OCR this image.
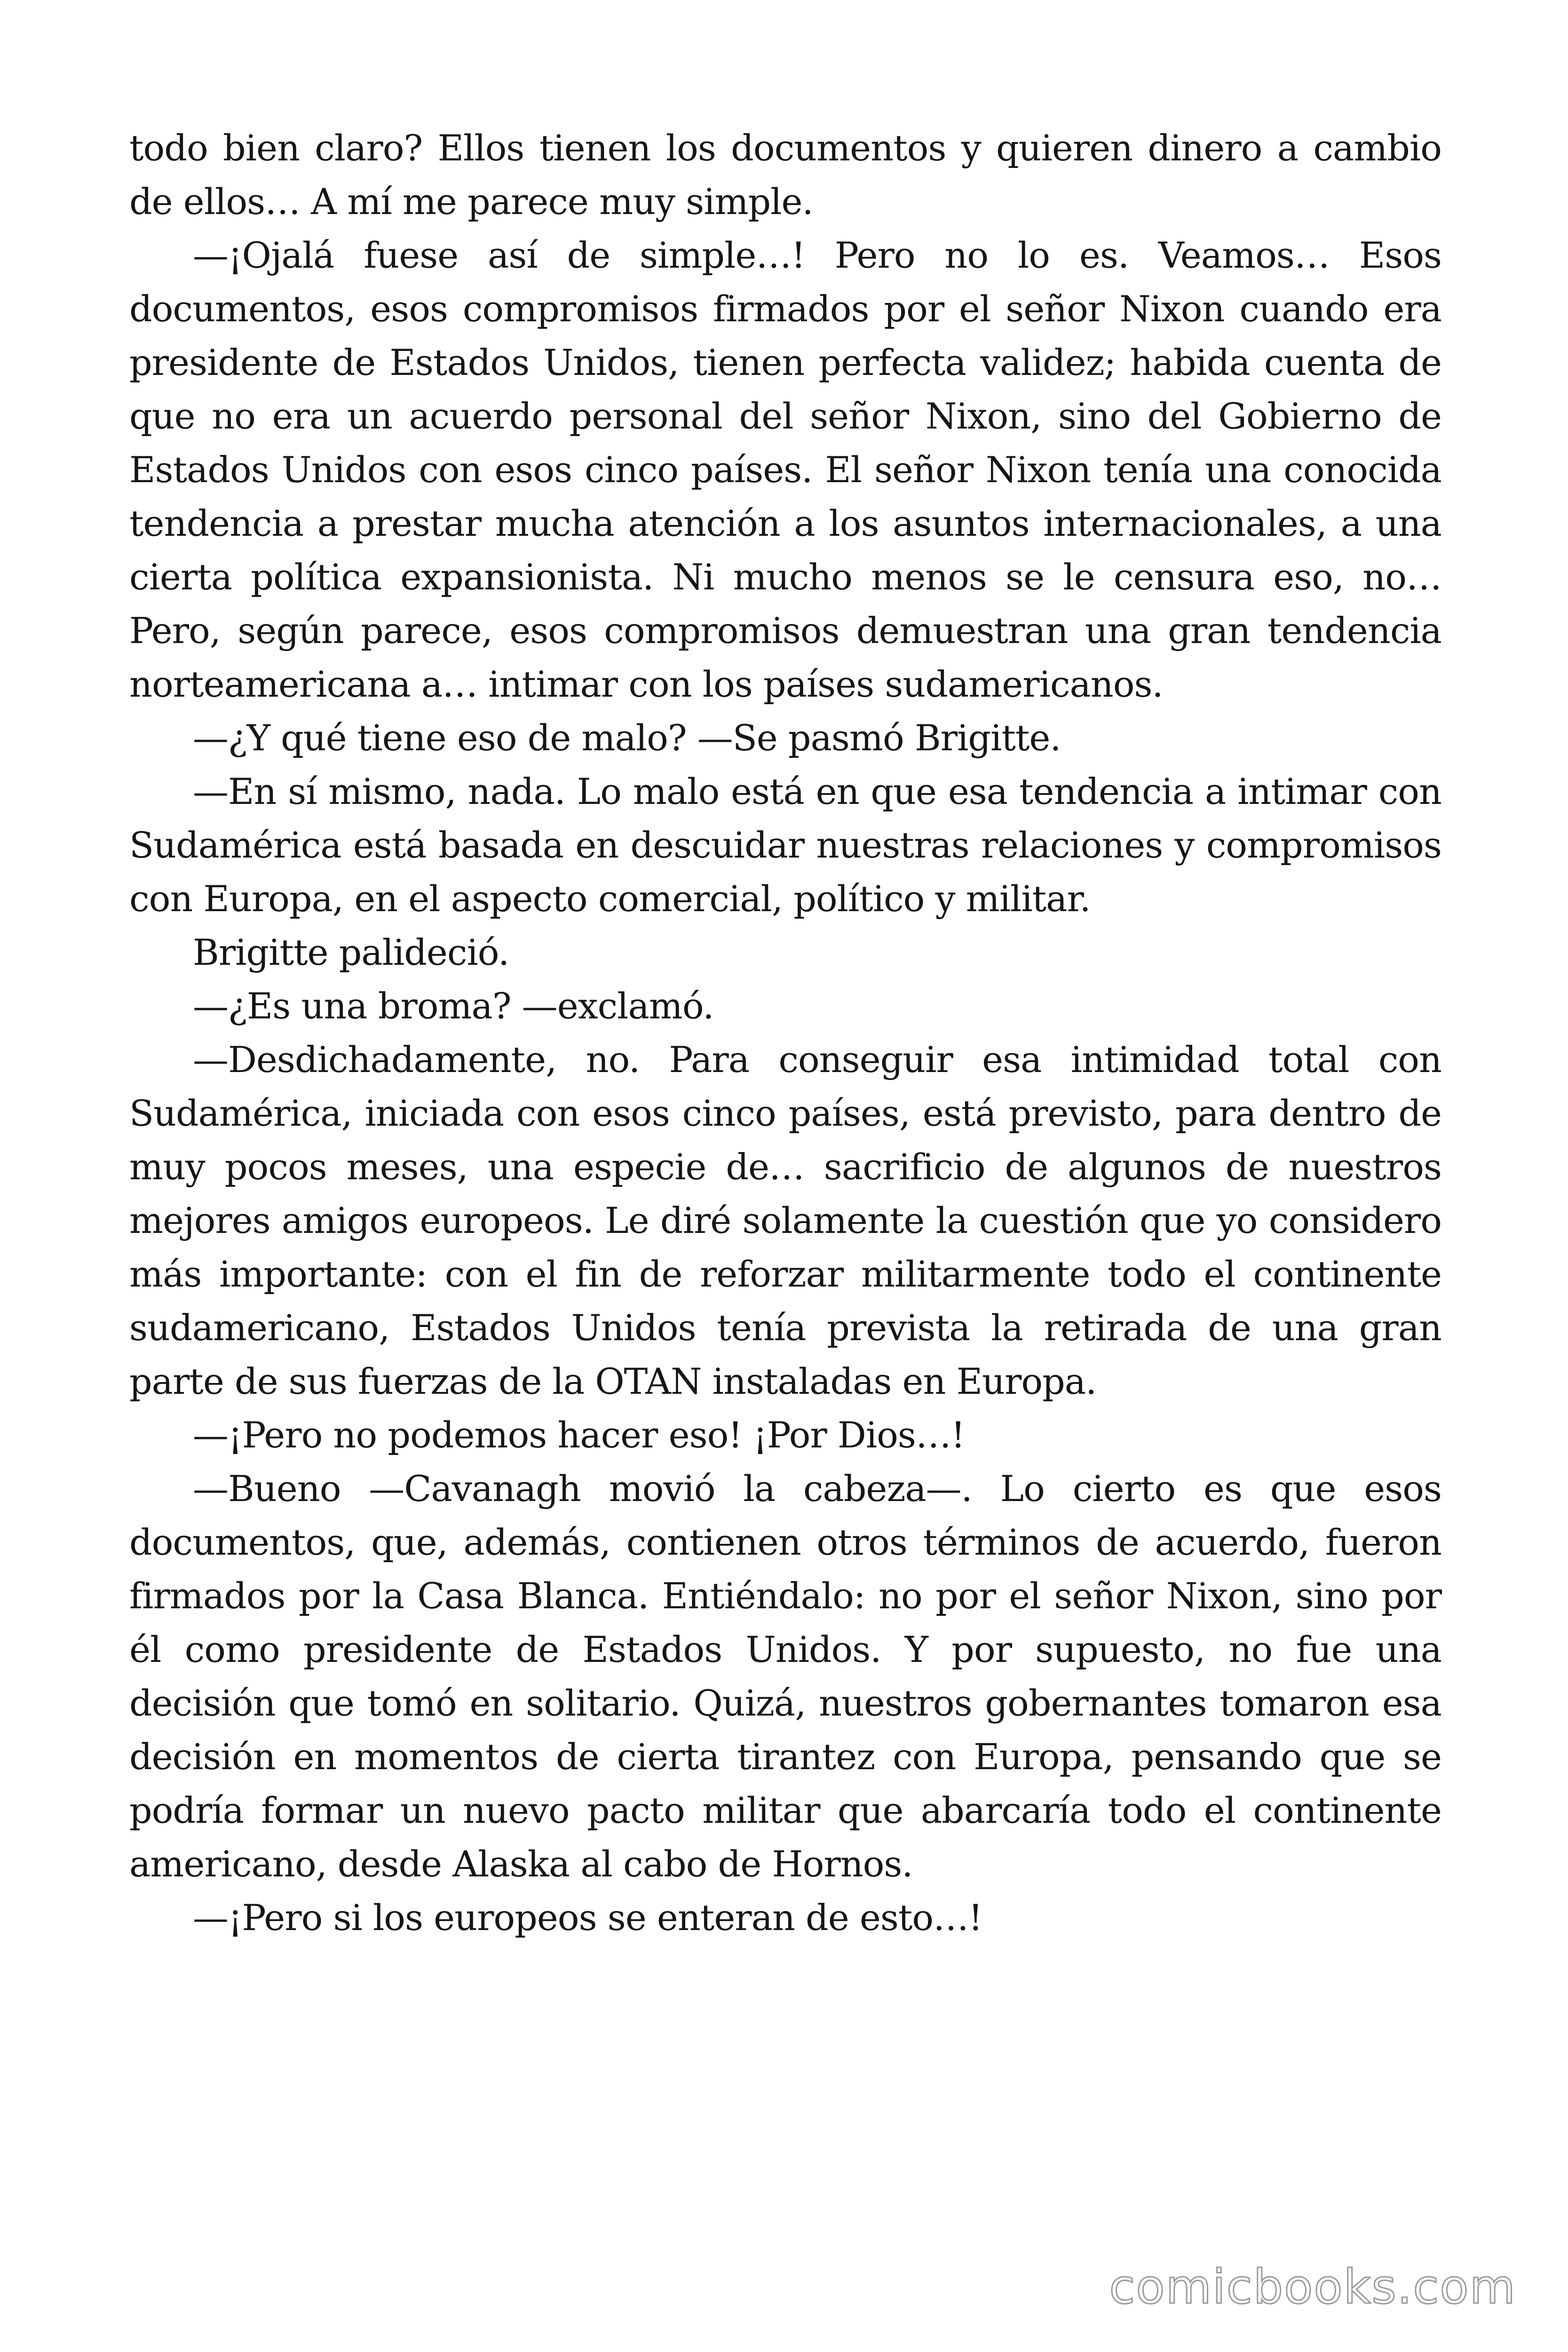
todo bien claro? Ellos tienen los documentos y quieren dinero a cambio de ellos… A mí me parece muy simple.

—¡Ojalá fuese así de simple…! Pero no lo es. Veamos… Esos documentos, esos compromisos firmados por el señor Nixon cuando era presidente de Estados Unidos, tienen perfecta validez; habida cuenta de que no era un acuerdo personal del señor Nixon, sino del Gobierno de Estados Unidos con esos cinco países. El señor Nixon tenía una conocida tendencia a prestar mucha atención a los asuntos internacionales, a una cierta política expansionista. Ni mucho menos se le censura eso, no… Pero, según parece, esos compromisos demuestran una gran tendencia norteamericana a… intimar con los países sudamericanos.

—¿Y qué tiene eso de malo? —Se pasmó Brigitte.

—En sí mismo, nada. Lo malo está en que esa tendencia a intimar con Sudamérica está basada en descuidar nuestras relaciones y compromisos con Europa, en el aspecto comercial, político y militar.

Brigitte palideció.

—¿Es una broma? —exclamó.

—Desdichadamente, no. Para conseguir esa intimidad total con Sudamérica, iniciada con esos cinco países, está previsto, para dentro de muy pocos meses, una especie de… sacrificio de algunos de nuestros mejores amigos europeos. Le diré solamente la cuestión que yo considero más importante: con el fin de reforzar militarmente todo el continente sudamericano, Estados Unidos tenía prevista la retirada de una gran parte de sus fuerzas de la OTAN instaladas en Europa.

—¡Pero no podemos hacer eso! ¡Por Dios…!

—Bueno —Cavanagh movió la cabeza—. Lo cierto es que esos documentos, que, además, contienen otros términos de acuerdo, fueron firmados por la Casa Blanca. Entiéndalo: no por el señor Nixon, sino por él como presidente de Estados Unidos. Y por supuesto, no fue una decisión que tomó en solitario. Quizá, nuestros gobernantes tomaron esa decisión en momentos de cierta tirantez con Europa, pensando que se podría formar un nuevo pacto militar que abarcaría todo el continente americano, desde Alaska al cabo de Hornos.

—¡Pero si los europeos se enteran de esto…!

comicbooks.com
